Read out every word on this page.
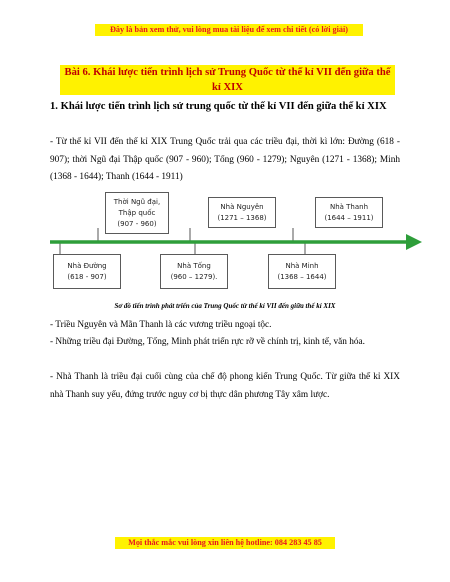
Đây là bản xem thử, vui lòng mua tài liệu để xem chi tiết (có lời giải)
Bài 6. Khái lược tiến trình lịch sử Trung Quốc từ thế kỉ VII đến giữa thế kỉ XIX
1. Khái lược tiến trình lịch sử trung quốc từ thế kỉ VII đến giữa thế kỉ XIX
- Từ thế kỉ VII đến thế kỉ XIX Trung Quốc trải qua các triều đại, thời kì lớn: Đường (618 - 907); thời Ngũ đại Thập quốc (907 - 960); Tống (960 - 1279); Nguyên (1271 - 1368); Minh (1368 - 1644); Thanh (1644 - 1911)
Thời Ngũ đại, Thập quốc
(907 - 960)
Nhà Nguyên
(1271 – 1368)
Nhà Thanh
(1644 – 1911)
Nhà Đường
(618 - 907)
Nhà Tống
(960 – 1279).
Nhà Minh
(1368 – 1644)
Sơ đồ tiến trình phát triển của Trung Quốc từ thế kỉ VII đến giữa thế kỉ XIX
- Triều Nguyên và Mãn Thanh là các vương triều ngoại tộc.
- Những triều đại Đường, Tống, Minh phát triển rực rỡ về chính trị, kinh tế, văn hóa.
- Nhà Thanh là triều đại cuối cùng của chế độ phong kiến Trung Quốc. Từ giữa thế kỉ XIX nhà Thanh suy yếu, đứng trước nguy cơ bị thực dân phương Tây xâm lược.
Mọi thắc mắc vui lòng xin liên hệ hotline: 084 283 45 85
